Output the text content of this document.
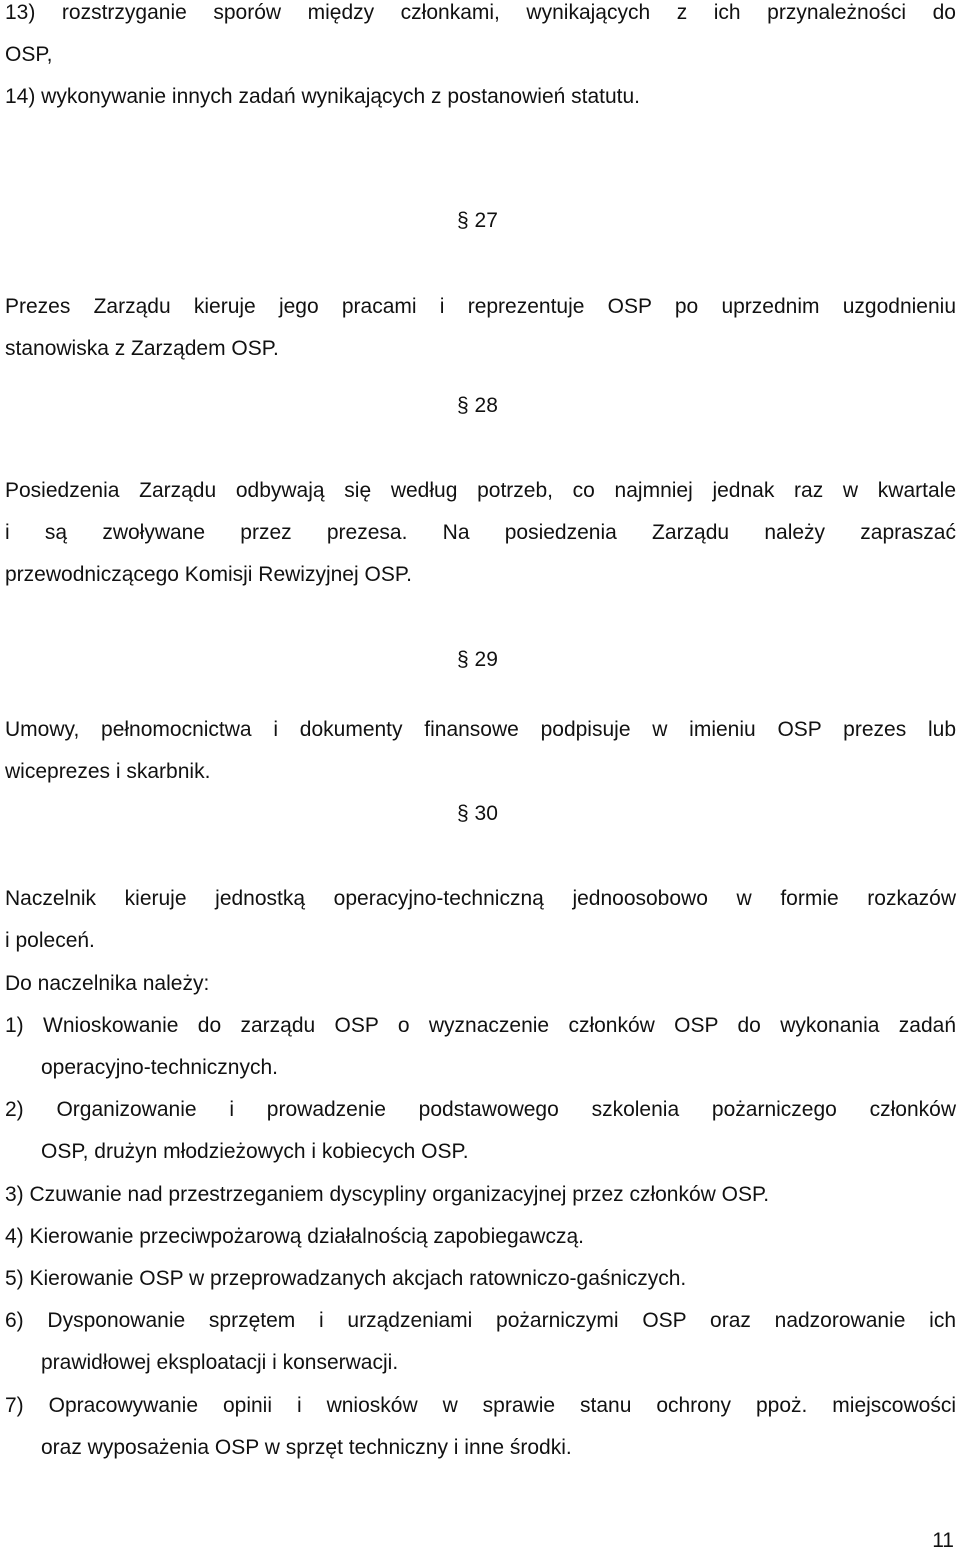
13) rozstrzyganie sporów między członkami, wynikających z ich przynależności do
OSP,
14) wykonywanie innych zadań wynikających z postanowień statutu.
§ 27
Prezes Zarządu kieruje jego pracami i reprezentuje OSP po uprzednim uzgodnieniu
stanowiska z Zarządem OSP.
§ 28
Posiedzenia Zarządu odbywają się według potrzeb, co najmniej jednak raz w kwartale
i są zwoływane przez prezesa. Na posiedzenia Zarządu należy zapraszać
przewodniczącego Komisji Rewizyjnej OSP.
§ 29
Umowy, pełnomocnictwa i dokumenty finansowe podpisuje w imieniu OSP prezes lub
wiceprezes i skarbnik.
§ 30
Naczelnik kieruje jednostką operacyjno-techniczną jednoosobowo w formie rozkazów
i poleceń.
Do naczelnika należy:
1) Wnioskowanie do zarządu OSP o wyznaczenie członków OSP do wykonania zadań
operacyjno-technicznych.
2) Organizowanie i prowadzenie podstawowego szkolenia pożarniczego członków
OSP, drużyn młodzieżowych i kobiecych OSP.
3) Czuwanie nad przestrzeganiem dyscypliny organizacyjnej przez członków OSP.
4) Kierowanie przeciwpożarową działalnością zapobiegawczą.
5) Kierowanie OSP w przeprowadzanych akcjach ratowniczo-gaśniczych.
6) Dysponowanie sprzętem i urządzeniami pożarniczymi OSP oraz nadzorowanie ich
prawidłowej eksploatacji i konserwacji.
7) Opracowywanie opinii i wniosków w sprawie stanu ochrony ppoż. miejscowości
oraz wyposażenia OSP w sprzęt techniczny i inne środki.
11
